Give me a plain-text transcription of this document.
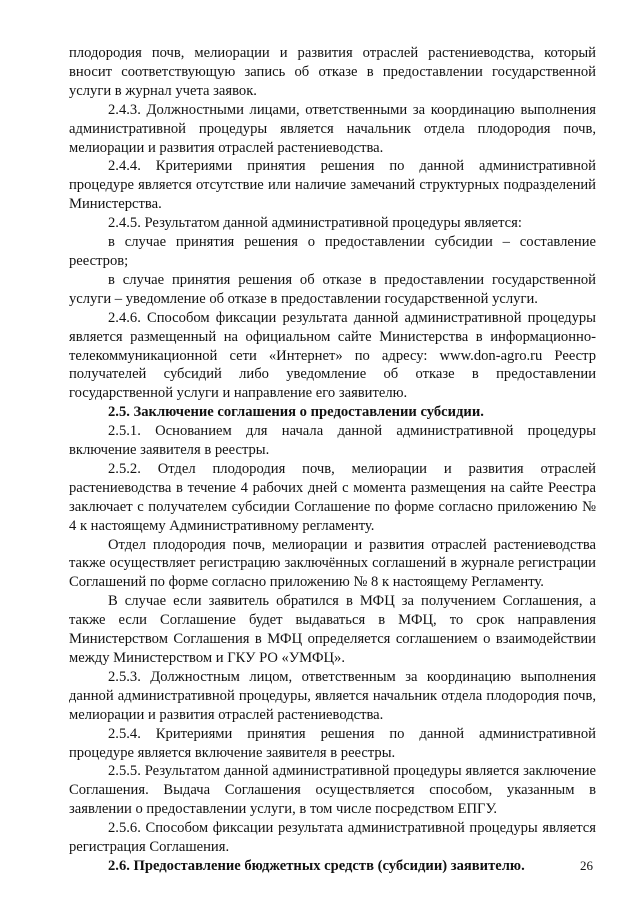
плодородия почв, мелиорации и развития отраслей растениеводства, который вносит соответствующую запись об отказе в предоставлении государственной услуги в журнал учета заявок.

2.4.3. Должностными лицами, ответственными за координацию выполнения административной процедуры является начальник отдела плодородия почв, мелиорации и развития отраслей растениеводства.

2.4.4. Критериями принятия решения по данной административной процедуре является отсутствие или наличие замечаний структурных подразделений Министерства.

2.4.5. Результатом данной административной процедуры является:

в случае принятия решения о предоставлении субсидии – составление реестров;

в случае принятия решения об отказе в предоставлении государственной услуги – уведомление об отказе в предоставлении государственной услуги.

2.4.6. Способом фиксации результата данной административной процедуры является размещенный на официальном сайте Министерства в информационно-телекоммуникационной сети «Интернет» по адресу: www.don-agro.ru Реестр получателей субсидий либо уведомление об отказе в предоставлении государственной услуги и направление его заявителю.

2.5. Заключение соглашения о предоставлении субсидии.

2.5.1. Основанием для начала данной административной процедуры включение заявителя в реестры.

2.5.2. Отдел плодородия почв, мелиорации и развития отраслей растениеводства в течение 4 рабочих дней с момента размещения на сайте Реестра заключает с получателем субсидии Соглашение по форме согласно приложению № 4 к настоящему Административному регламенту.

Отдел плодородия почв, мелиорации и развития отраслей растениеводства также осуществляет регистрацию заключённых соглашений в журнале регистрации Соглашений по форме согласно приложению № 8 к настоящему Регламенту.

В случае если заявитель обратился в МФЦ за получением Соглашения, а также если Соглашение будет выдаваться в МФЦ, то срок направления Министерством Соглашения в МФЦ определяется соглашением о взаимодействии между Министерством и ГКУ РО «УМФЦ».

2.5.3. Должностным лицом, ответственным за координацию выполнения данной административной процедуры, является начальник отдела плодородия почв, мелиорации и развития отраслей растениеводства.

2.5.4. Критериями принятия решения по данной административной процедуре является включение заявителя в реестры.

2.5.5. Результатом данной административной процедуры является заключение Соглашения. Выдача Соглашения осуществляется способом, указанным в заявлении о предоставлении услуги, в том числе посредством ЕПГУ.

2.5.6. Способом фиксации результата административной процедуры является регистрация Соглашения.

2.6. Предоставление бюджетных средств (субсидии) заявителю.	26
